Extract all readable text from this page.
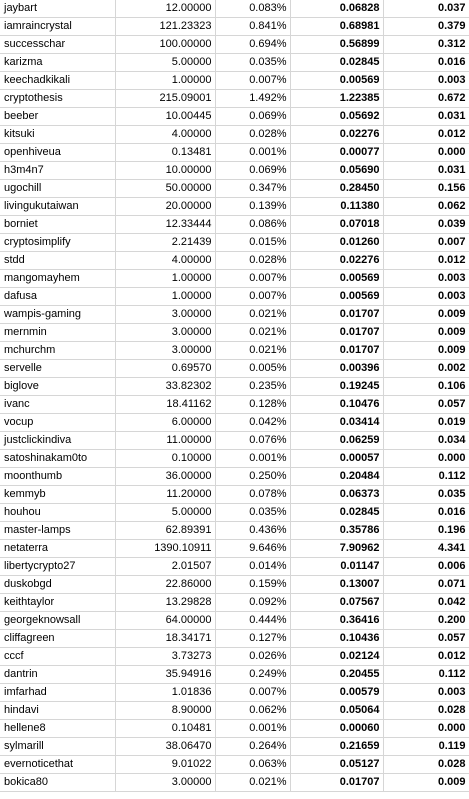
jaybart	12.00000	0.083%	0.06828	0.037
iamraincrystal	121.23323	0.841%	0.68981	0.379
successchar	100.00000	0.694%	0.56899	0.312
karizma	5.00000	0.035%	0.02845	0.016
keechadkikali	1.00000	0.007%	0.00569	0.003
cryptothesis	215.09001	1.492%	1.22385	0.672
beeber	10.00445	0.069%	0.05692	0.031
kitsuki	4.00000	0.028%	0.02276	0.012
openhiveua	0.13481	0.001%	0.00077	0.000
h3m4n7	10.00000	0.069%	0.05690	0.031
ugochill	50.00000	0.347%	0.28450	0.156
livingukutaiwan	20.00000	0.139%	0.11380	0.062
borniet	12.33444	0.086%	0.07018	0.039
cryptosimplify	2.21439	0.015%	0.01260	0.007
stdd	4.00000	0.028%	0.02276	0.012
mangomayhem	1.00000	0.007%	0.00569	0.003
dafusa	1.00000	0.007%	0.00569	0.003
wampis-gaming	3.00000	0.021%	0.01707	0.009
mernmin	3.00000	0.021%	0.01707	0.009
mchurchm	3.00000	0.021%	0.01707	0.009
servelle	0.69570	0.005%	0.00396	0.002
biglove	33.82302	0.235%	0.19245	0.106
ivanc	18.41162	0.128%	0.10476	0.057
vocup	6.00000	0.042%	0.03414	0.019
justclickindiva	11.00000	0.076%	0.06259	0.034
satoshinakam0to	0.10000	0.001%	0.00057	0.000
moonthumb	36.00000	0.250%	0.20484	0.112
kemmyb	11.20000	0.078%	0.06373	0.035
houhou	5.00000	0.035%	0.02845	0.016
master-lamps	62.89391	0.436%	0.35786	0.196
netaterra	1390.10911	9.646%	7.90962	4.341
libertycrypto27	2.01507	0.014%	0.01147	0.006
duskobgd	22.86000	0.159%	0.13007	0.071
keithtaylor	13.29828	0.092%	0.07567	0.042
georgeknowsall	64.00000	0.444%	0.36416	0.200
cliffagreen	18.34171	0.127%	0.10436	0.057
cccf	3.73273	0.026%	0.02124	0.012
dantrin	35.94916	0.249%	0.20455	0.112
imfarhad	1.01836	0.007%	0.00579	0.003
hindavi	8.90000	0.062%	0.05064	0.028
hellene8	0.10481	0.001%	0.00060	0.000
sylmarill	38.06470	0.264%	0.21659	0.119
evernoticethat	9.01022	0.063%	0.05127	0.028
bokica80	3.00000	0.021%	0.01707	0.009
